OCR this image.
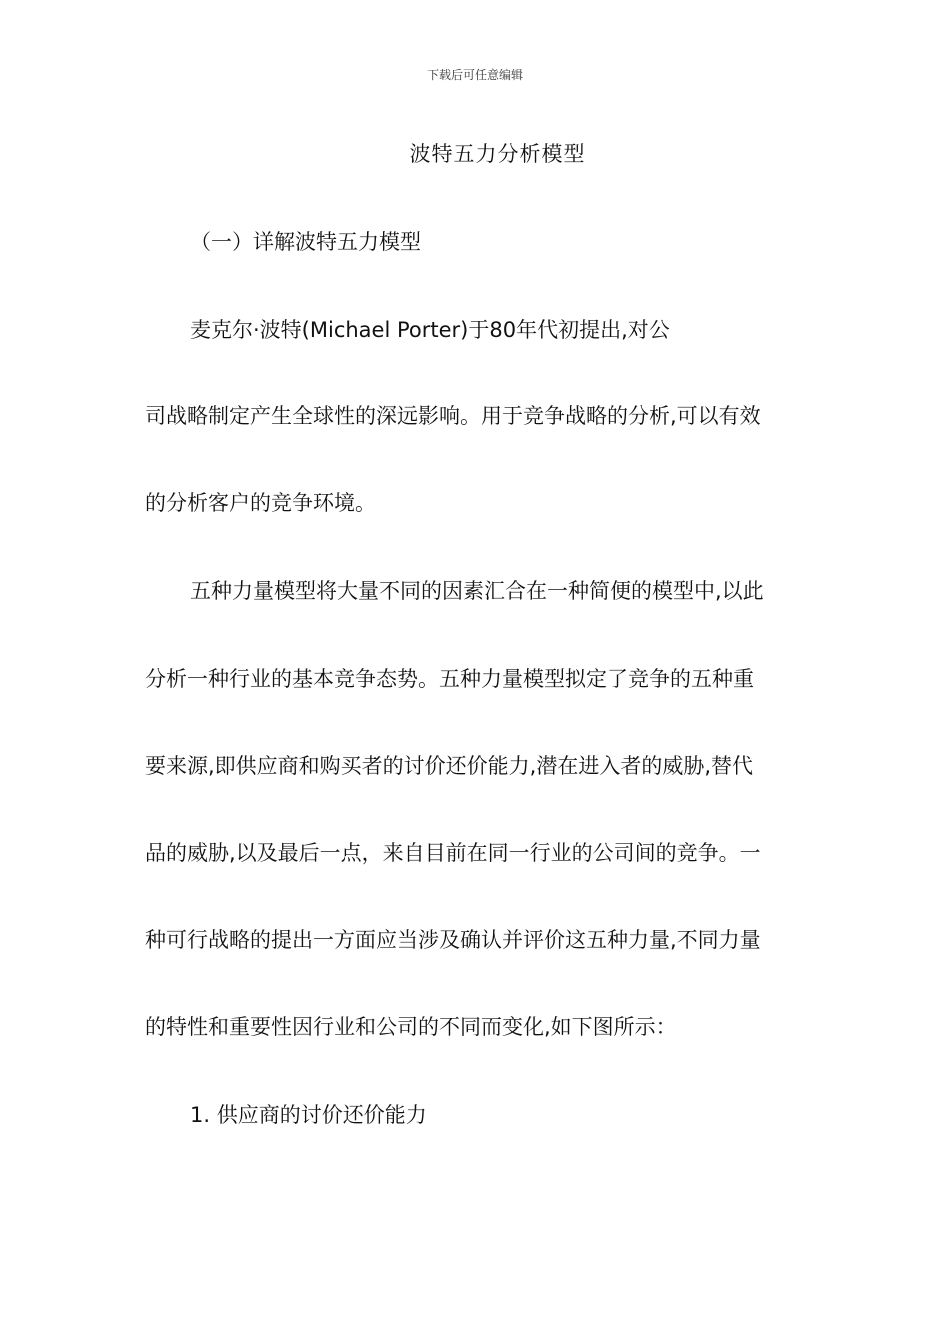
下载后可任意编辑
波特五力分析模型
（一）详解波特五力模型
麦克尔·波特(Michael Porter)于80年代初提出,对公
司战略制定产生全球性的深远影响。用于竞争战略的分析,可以有效
的分析客户的竞争环境。
五种力量模型将大量不同的因素汇合在一种简便的模型中,以此
分析一种行业的基本竞争态势。五种力量模型拟定了竞争的五种重
要来源,即供应商和购买者的讨价还价能力,潜在进入者的威胁,替代
品的威胁,以及最后一点，来自目前在同一行业的公司间的竞争。一
种可行战略的提出一方面应当涉及确认并评价这五种力量,不同力量
的特性和重要性因行业和公司的不同而变化,如下图所示：
1. 供应商的讨价还价能力
